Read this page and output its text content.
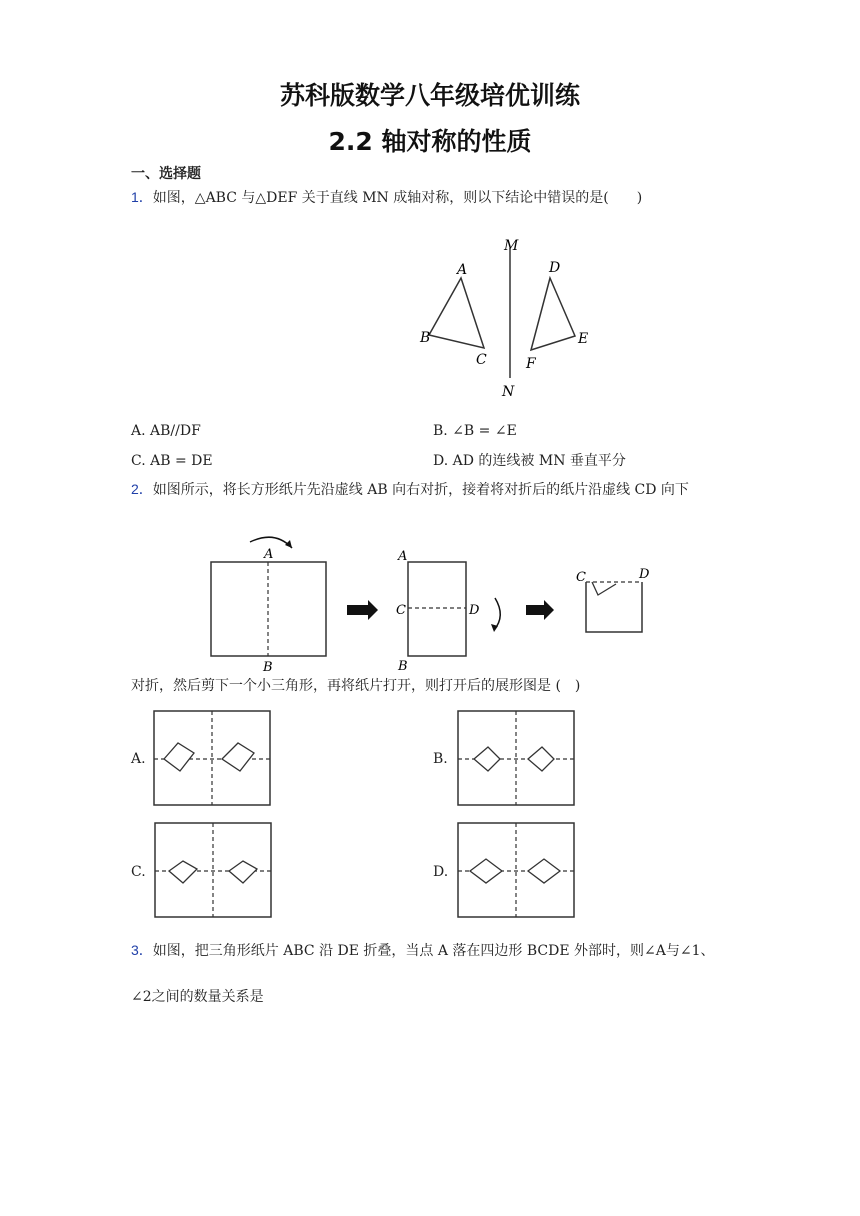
苏科版数学八年级培优训练
2.2 轴对称的性质
一、选择题
1．如图，△ABC 与△DEF 关于直线 MN 成轴对称，则以下结论中错误的是(　　)
M
N
A
B
C
D
E
F
A. AB//DF	B. ∠B = ∠E
C. AB = DE	D. AD 的连线被 MN 垂直平分
2．如图所示，将长方形纸片先沿虚线 AB 向右对折，接着将对折后的纸片沿虚线 CD 向下
A
B
A
B
C	D
C	D
对折，然后剪下一个小三角形，再将纸片打开，则打开后的展形图是 (　)
A.	B.
C.	D.
3．如图，把三角形纸片 ABC 沿 DE 折叠，当点 A 落在四边形 BCDE 外部时，则∠A与∠1、
∠2之间的数量关系是
